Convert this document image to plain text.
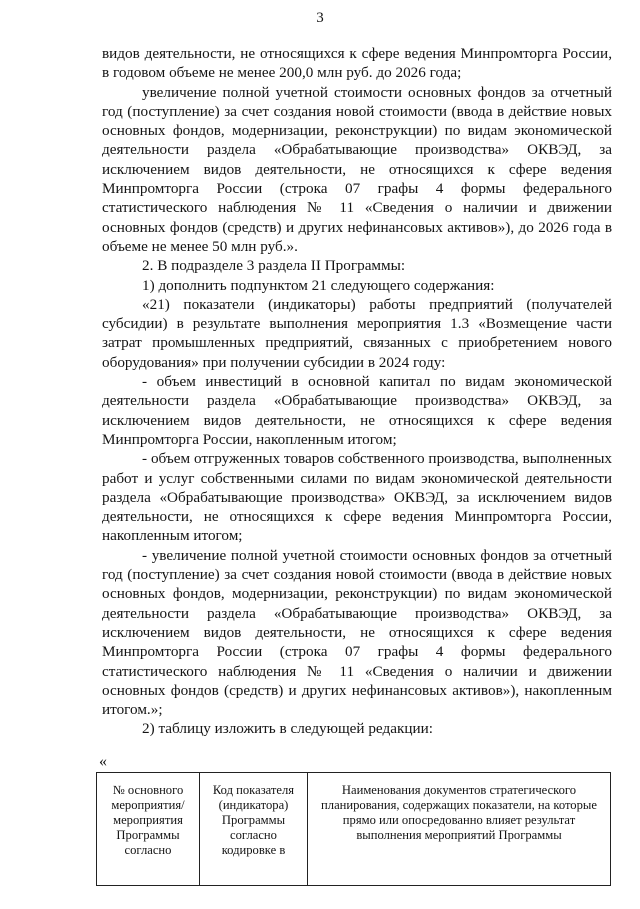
3

видов деятельности, не относящихся к сфере ведения Минпромторга России, в годовом объеме не менее 200,0 млн руб. до 2026 года;

увеличение полной учетной стоимости основных фондов за отчетный год (поступление) за счет создания новой стоимости (ввода в действие новых основных фондов, модернизации, реконструкции) по видам экономической деятельности раздела «Обрабатывающие производства» ОКВЭД, за исключением видов деятельности, не относящихся к сфере ведения Минпромторга России (строка 07 графы 4 формы федерального статистического наблюдения № 11 «Сведения о наличии и движении основных фондов (средств) и других нефинансовых активов»), до 2026 года в объеме не менее 50 млн руб.».

2. В подразделе 3 раздела II Программы:

1) дополнить подпунктом 21 следующего содержания:

«21) показатели (индикаторы) работы предприятий (получателей субсидии) в результате выполнения мероприятия 1.3 «Возмещение части затрат промышленных предприятий, связанных с приобретением нового оборудования» при получении субсидии в 2024 году:

- объем инвестиций в основной капитал по видам экономической деятельности раздела «Обрабатывающие производства» ОКВЭД, за исключением видов деятельности, не относящихся к сфере ведения Минпромторга России, накопленным итогом;

- объем отгруженных товаров собственного производства, выполненных работ и услуг собственными силами по видам экономической деятельности раздела «Обрабатывающие производства» ОКВЭД, за исключением видов деятельности, не относящихся к сфере ведения Минпромторга России, накопленным итогом;

- увеличение полной учетной стоимости основных фондов за отчетный год (поступление) за счет создания новой стоимости (ввода в действие новых основных фондов, модернизации, реконструкции) по видам экономической деятельности раздела «Обрабатывающие производства» ОКВЭД, за исключением видов деятельности, не относящихся к сфере ведения Минпромторга России (строка 07 графы 4 формы федерального статистического наблюдения № 11 «Сведения о наличии и движении основных фондов (средств) и других нефинансовых активов»), накопленным итогом.»;

2) таблицу изложить в следующей редакции:

«
№ основного мероприятия/мероприятия Программы согласно	Код показателя (индикатора) Программы согласно кодировке в	Наименования документов стратегического планирования, содержащих показатели, на которые прямо или опосредованно влияет результат выполнения мероприятий Программы
